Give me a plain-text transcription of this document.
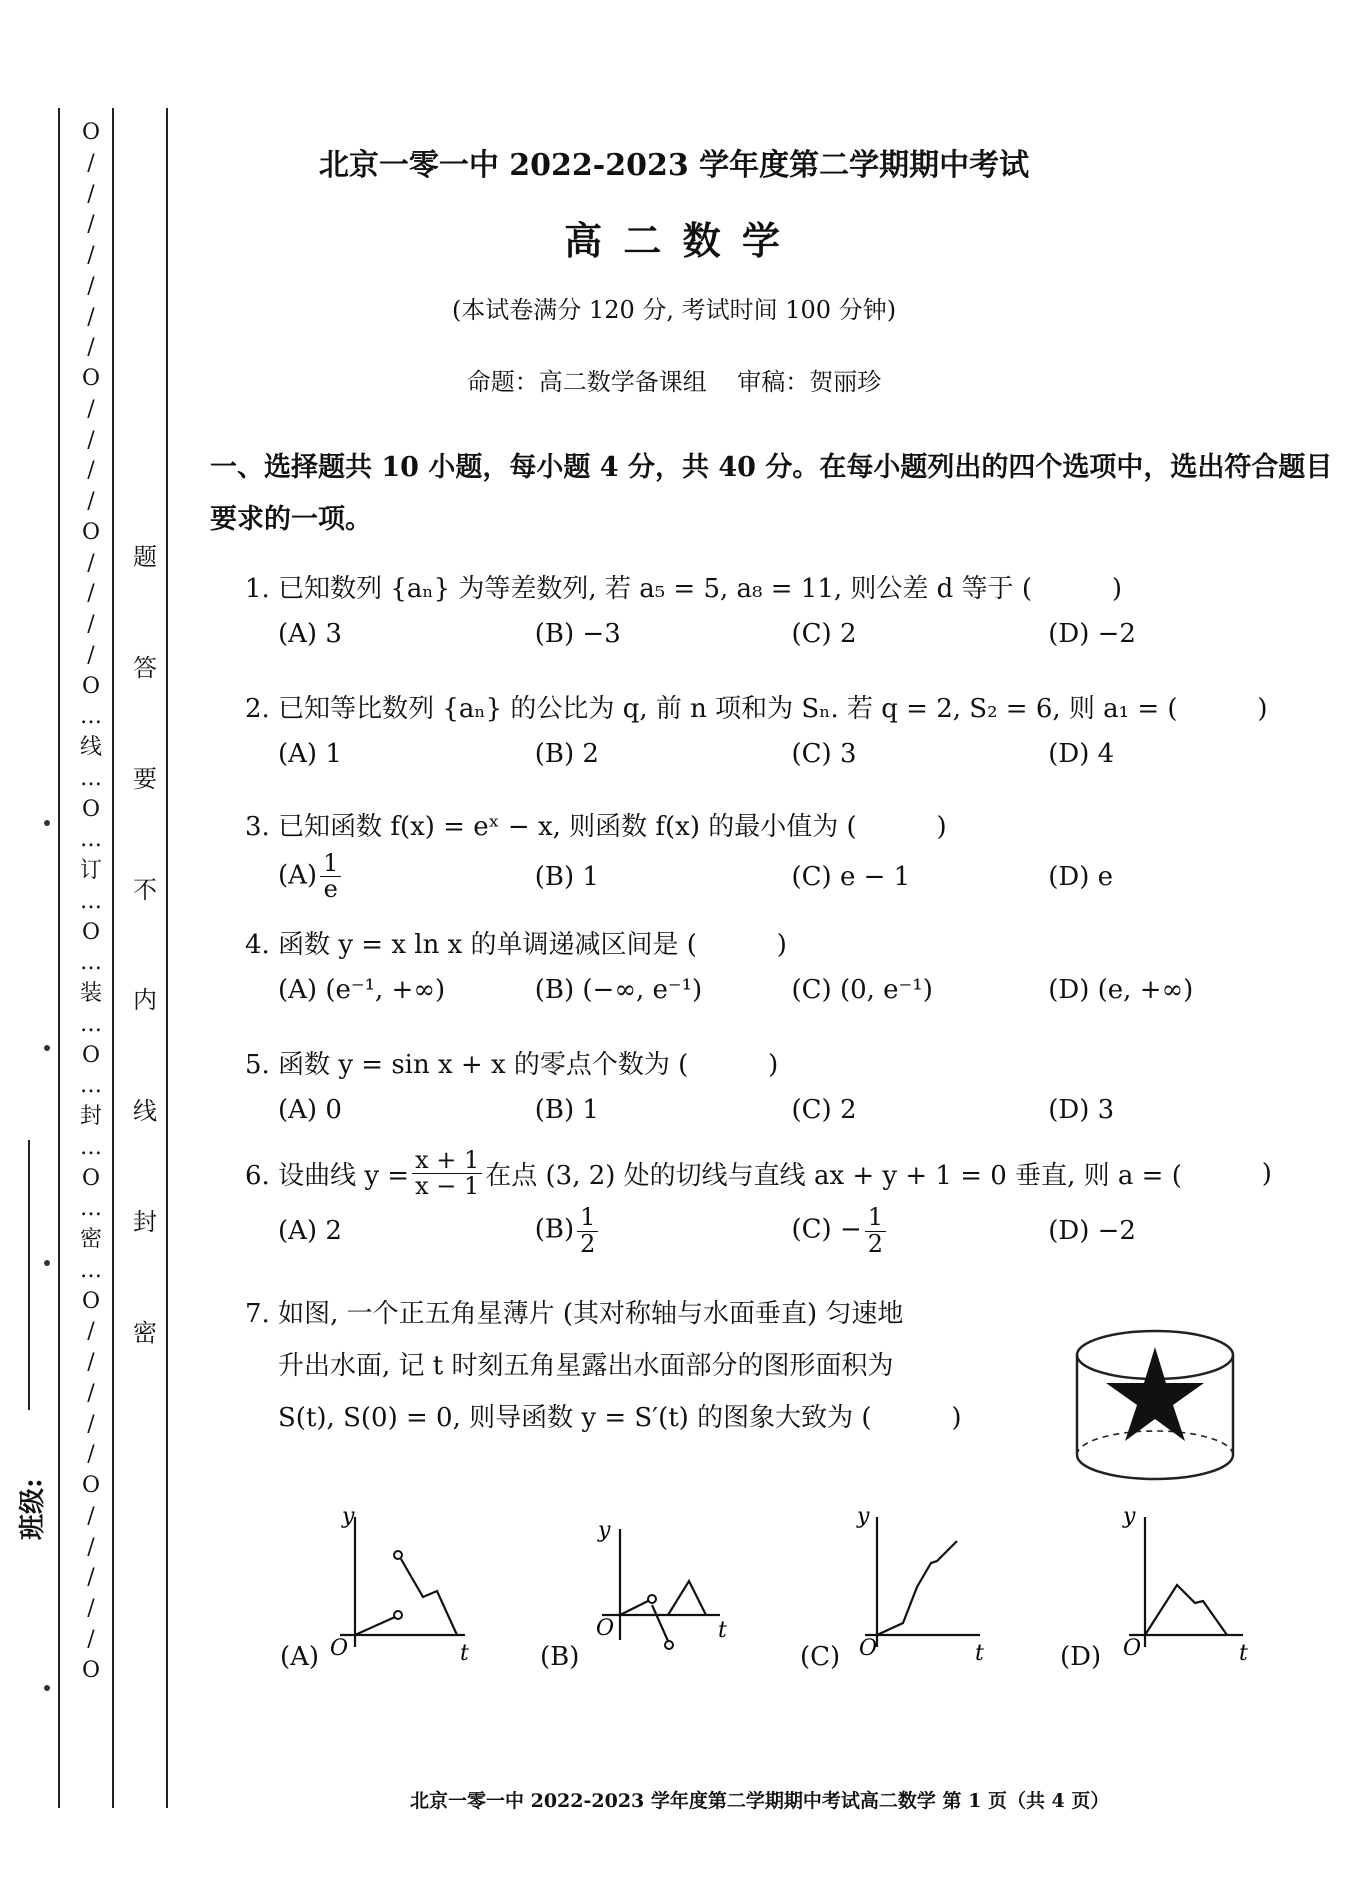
O
/
/
/
/
/
/
/
O
/
/
/
/
O
/
/
/
/
O
…
线
…
O
…
订
…
O
…
装
…
O
…
封
…
O
…
密
…
O
/
/
/
/
/
O
/
/
/
/
/
O
题
答
要
不
内
线
封
密
班级:
北京一零一中 2022-2023 学年度第二学期期中考试
高 二 数 学
(本试卷满分 120 分, 考试时间 100 分钟)
命题：高二数学备课组    审稿：贺丽珍
一、选择题共 10 小题，每小题 4 分，共 40 分。在每小题列出的四个选项中，选出符合题目
要求的一项。
1. 已知数列 {aₙ} 为等差数列, 若 a₅ = 5, a₈ = 11, 则公差 d 等于 (	)
(A) 3	(B) −3	(C) 2	(D) −2
2. 已知等比数列 {aₙ} 的公比为 q, 前 n 项和为 Sₙ. 若 q = 2, S₂ = 6, 则 a₁ = (	)
(A) 1	(B) 2	(C) 3	(D) 4
3. 已知函数 f(x) = eˣ − x, 则函数 f(x) 的最小值为 (	)
$(A) \frac{1}{e}$	(B) 1	(C) e − 1	(D) e
4. 函数 y = x ln x 的单调递减区间是 (	)
(A) (e⁻¹, +∞)	(B) (−∞, e⁻¹)	(C) (0, e⁻¹)	(D) (e, +∞)
5. 函数 y = sin x + x 的零点个数为 (	)
(A) 0	(B) 1	(C) 2	(D) 3
6. 设曲线 $y = \frac{x + 1}{x - 1}$ 在点 (3, 2) 处的切线与直线 ax + y + 1 = 0 垂直, 则 a = (	)
(A) 2	$(B) \frac{1}{2}$	$(C) - \frac{1}{2}$	(D) −2
7. 如图, 一个正五角星薄片 (其对称轴与水面垂直) 匀速地
升出水面, 记 t 时刻五角星露出水面部分的图形面积为
S(t), S(0) = 0, 则导函数 y = S′(t) 的图象大致为 (	)
y
t
O
(A)
y
t
O
(B)
y
t
O
(C)
y
t
O
(D)
北京一零一中 2022-2023 学年度第二学期期中考试高二数学 第 1 页（共 4 页）
